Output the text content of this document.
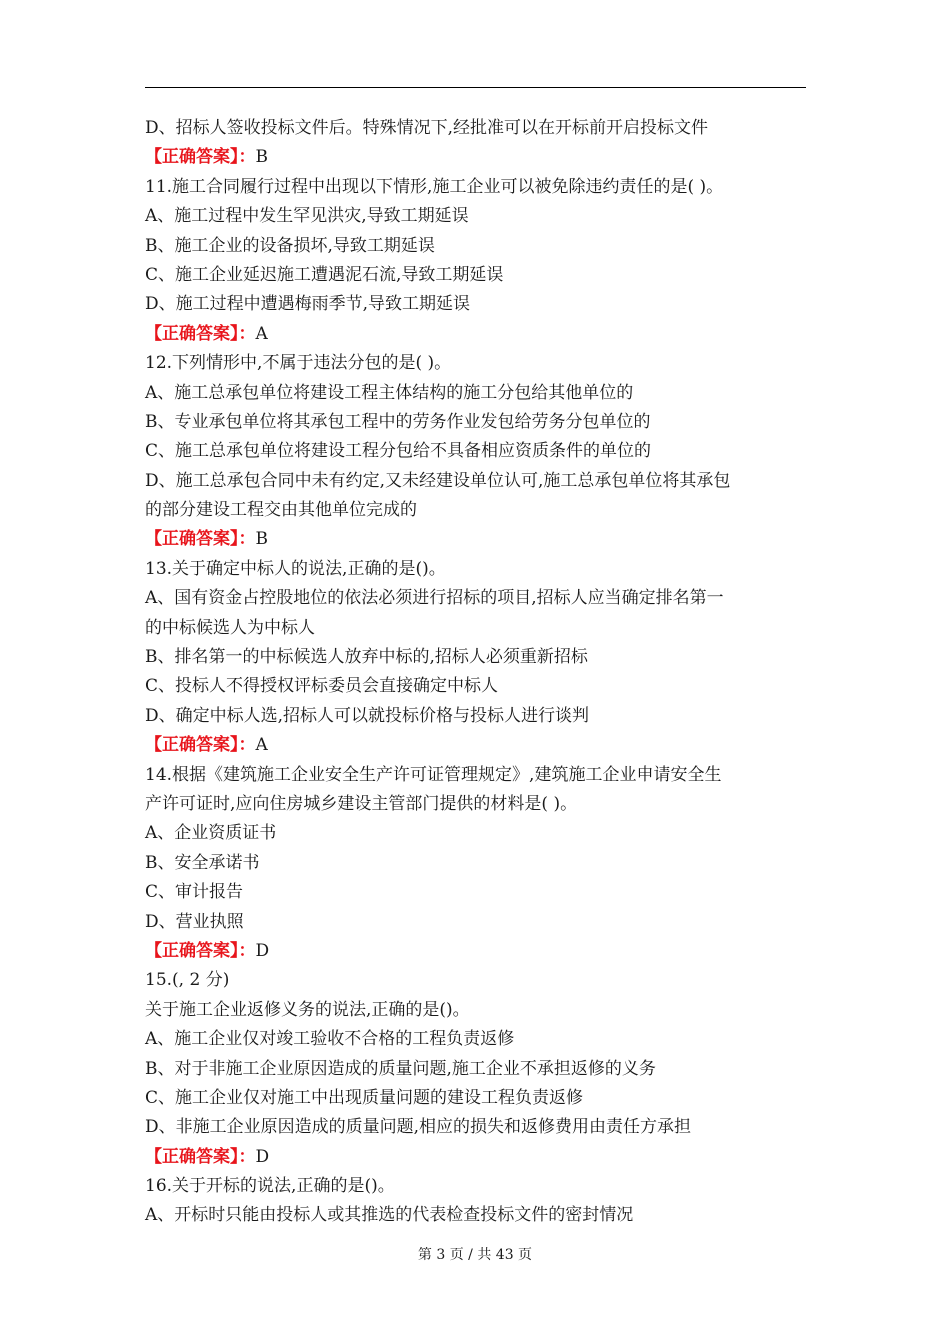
D、招标人签收投标文件后。特殊情况下,经批准可以在开标前开启投标文件
【正确答案】：B
11.施工合同履行过程中出现以下情形,施工企业可以被免除违约责任的是( )。
A、施工过程中发生罕见洪灾,导致工期延误
B、施工企业的设备损坏,导致工期延误
C、施工企业延迟施工遭遇泥石流,导致工期延误
D、施工过程中遭遇梅雨季节,导致工期延误
【正确答案】：A
12.下列情形中,不属于违法分包的是( )。
A、施工总承包单位将建设工程主体结构的施工分包给其他单位的
B、专业承包单位将其承包工程中的劳务作业发包给劳务分包单位的
C、施工总承包单位将建设工程分包给不具备相应资质条件的单位的
D、施工总承包合同中未有约定,又未经建设单位认可,施工总承包单位将其承包
的部分建设工程交由其他单位完成的
【正确答案】：B
13.关于确定中标人的说法,正确的是()。
A、国有资金占控股地位的依法必须进行招标的项目,招标人应当确定排名第一
的中标候选人为中标人
B、排名第一的中标候选人放弃中标的,招标人必须重新招标
C、投标人不得授权评标委员会直接确定中标人
D、确定中标人选,招标人可以就投标价格与投标人进行谈判
【正确答案】：A
14.根据《建筑施工企业安全生产许可证管理规定》,建筑施工企业申请安全生
产许可证时,应向住房城乡建设主管部门提供的材料是( )。
A、企业资质证书
B、安全承诺书
C、审计报告
D、营业执照
【正确答案】：D
15.(, 2 分)
关于施工企业返修义务的说法,正确的是()。
A、施工企业仅对竣工验收不合格的工程负责返修
B、对于非施工企业原因造成的质量问题,施工企业不承担返修的义务
C、施工企业仅对施工中出现质量问题的建设工程负责返修
D、非施工企业原因造成的质量问题,相应的损失和返修费用由责任方承担
【正确答案】：D
16.关于开标的说法,正确的是()。
A、开标时只能由投标人或其推选的代表检查投标文件的密封情况
第 3 页 / 共 43 页
